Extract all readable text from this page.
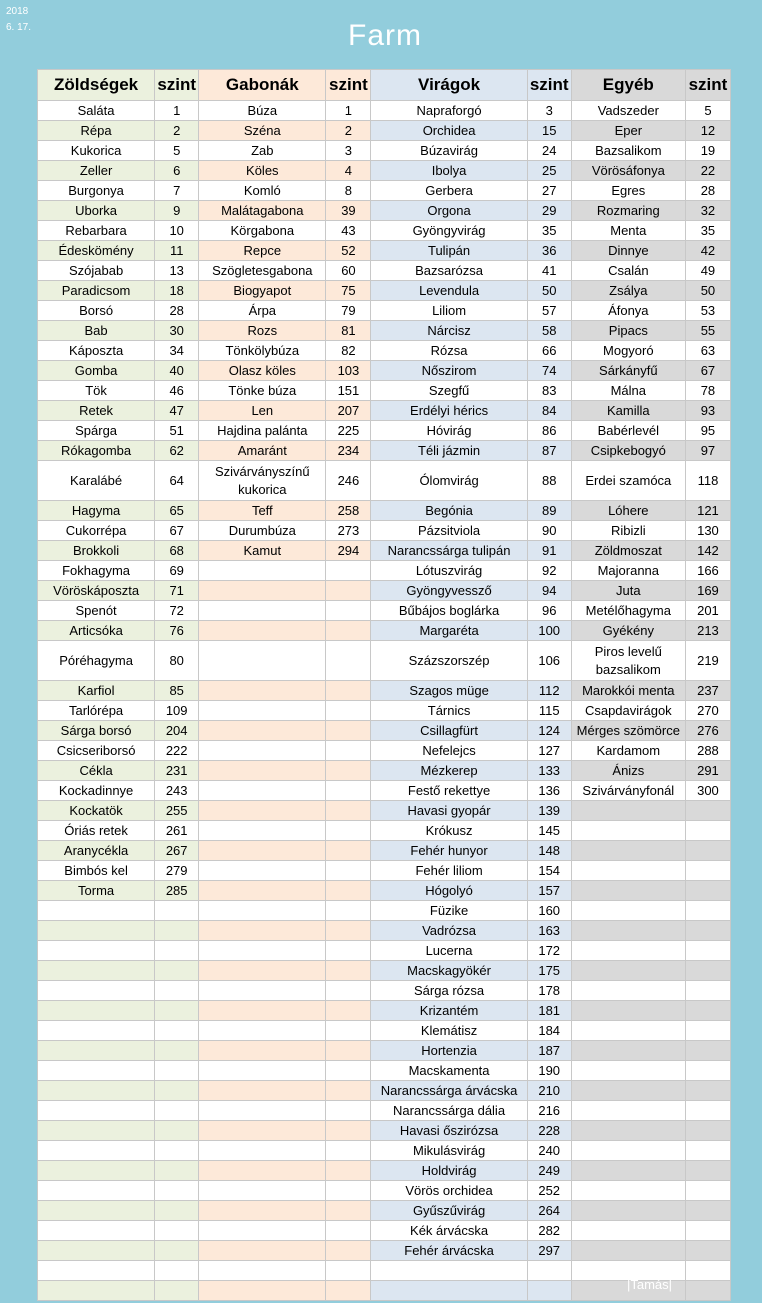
2018
6. 17.	Farm
Zöldségek	szint	Gabonák	szint	Virágok	szint	Egyéb	szint
Saláta	1	Búza	1	Napraforgó	3	Vadszeder	5
Répa	2	Széna	2	Orchidea	15	Eper	12
Kukorica	5	Zab	3	Búzavirág	24	Bazsalikom	19
Zeller	6	Köles	4	Ibolya	25	Vörösáfonya	22
Burgonya	7	Komló	8	Gerbera	27	Egres	28
Uborka	9	Malátagabona	39	Orgona	29	Rozmaring	32
Rebarbara	10	Körgabona	43	Gyöngyvirág	35	Menta	35
Édeskömény	11	Repce	52	Tulipán	36	Dinnye	42
Szójabab	13	Szögletesgabona	60	Bazsarózsa	41	Csalán	49
Paradicsom	18	Biogyapot	75	Levendula	50	Zsálya	50
Borsó	28	Árpa	79	Liliom	57	Áfonya	53
Bab	30	Rozs	81	Nárcisz	58	Pipacs	55
Káposzta	34	Tönkölybúza	82	Rózsa	66	Mogyoró	63
Gomba	40	Olasz köles	103	Nőszirom	74	Sárkányfű	67
Tök	46	Tönke búza	151	Szegfű	83	Málna	78
Retek	47	Len	207	Erdélyi hérics	84	Kamilla	93
Spárga	51	Hajdina palánta	225	Hóvirág	86	Babérlevél	95
Rókagomba	62	Amaránt	234	Téli jázmin	87	Csipkebogyó	97
Karalábé	64	Szivárványszínű kukorica	246	Ólomvirág	88	Erdei szamóca	118
Hagyma	65	Teff	258	Begónia	89	Lóhere	121
Cukorrépa	67	Durumbúza	273	Pázsitviola	90	Ribizli	130
Brokkoli	68	Kamut	294	Narancssárga tulipán	91	Zöldmoszat	142
Fokhagyma	69			Lótuszvirág	92	Majoranna	166
Vöröskáposzta	71			Gyöngyvessző	94	Juta	169
Spenót	72			Bűbájos boglárka	96	Metélőhagyma	201
Articsóka	76			Margaréta	100	Gyékény	213
Póréhagyma	80			Százszorszép	106	Piros levelű bazsalikom	219
Karfiol	85			Szagos müge	112	Marokkói menta	237
Tarlórépa	109			Tárnics	115	Csapdavirágok	270
Sárga borsó	204			Csillagfürt	124	Mérges szömörce	276
Csicseriborsó	222			Nefelejcs	127	Kardamom	288
Cékla	231			Mézkerep	133	Ánizs	291
Kockadinnye	243			Festő rekettye	136	Szivárványfonál	300
Kockatök	255			Havasi gyopár	139		
Óriás retek	261			Krókusz	145		
Aranycékla	267			Fehér hunyor	148		
Bimbós kel	279			Fehér liliom	154		
Torma	285			Hógolyó	157		
				Füzike	160		
				Vadrózsa	163		
				Lucerna	172		
				Macskagyökér	175		
				Sárga rózsa	178		
				Krizantém	181		
				Klemátisz	184		
				Hortenzia	187		
				Macskamenta	190		
				Narancssárga árvácska	210		
				Narancssárga dália	216		
				Havasi őszirózsa	228		
				Mikulásvirág	240		
				Holdvirág	249		
				Vörös orchidea	252		
				Gyűszűvirág	264		
				Kék árvácska	282		
				Fehér árvácska	297		

|Tamás|
